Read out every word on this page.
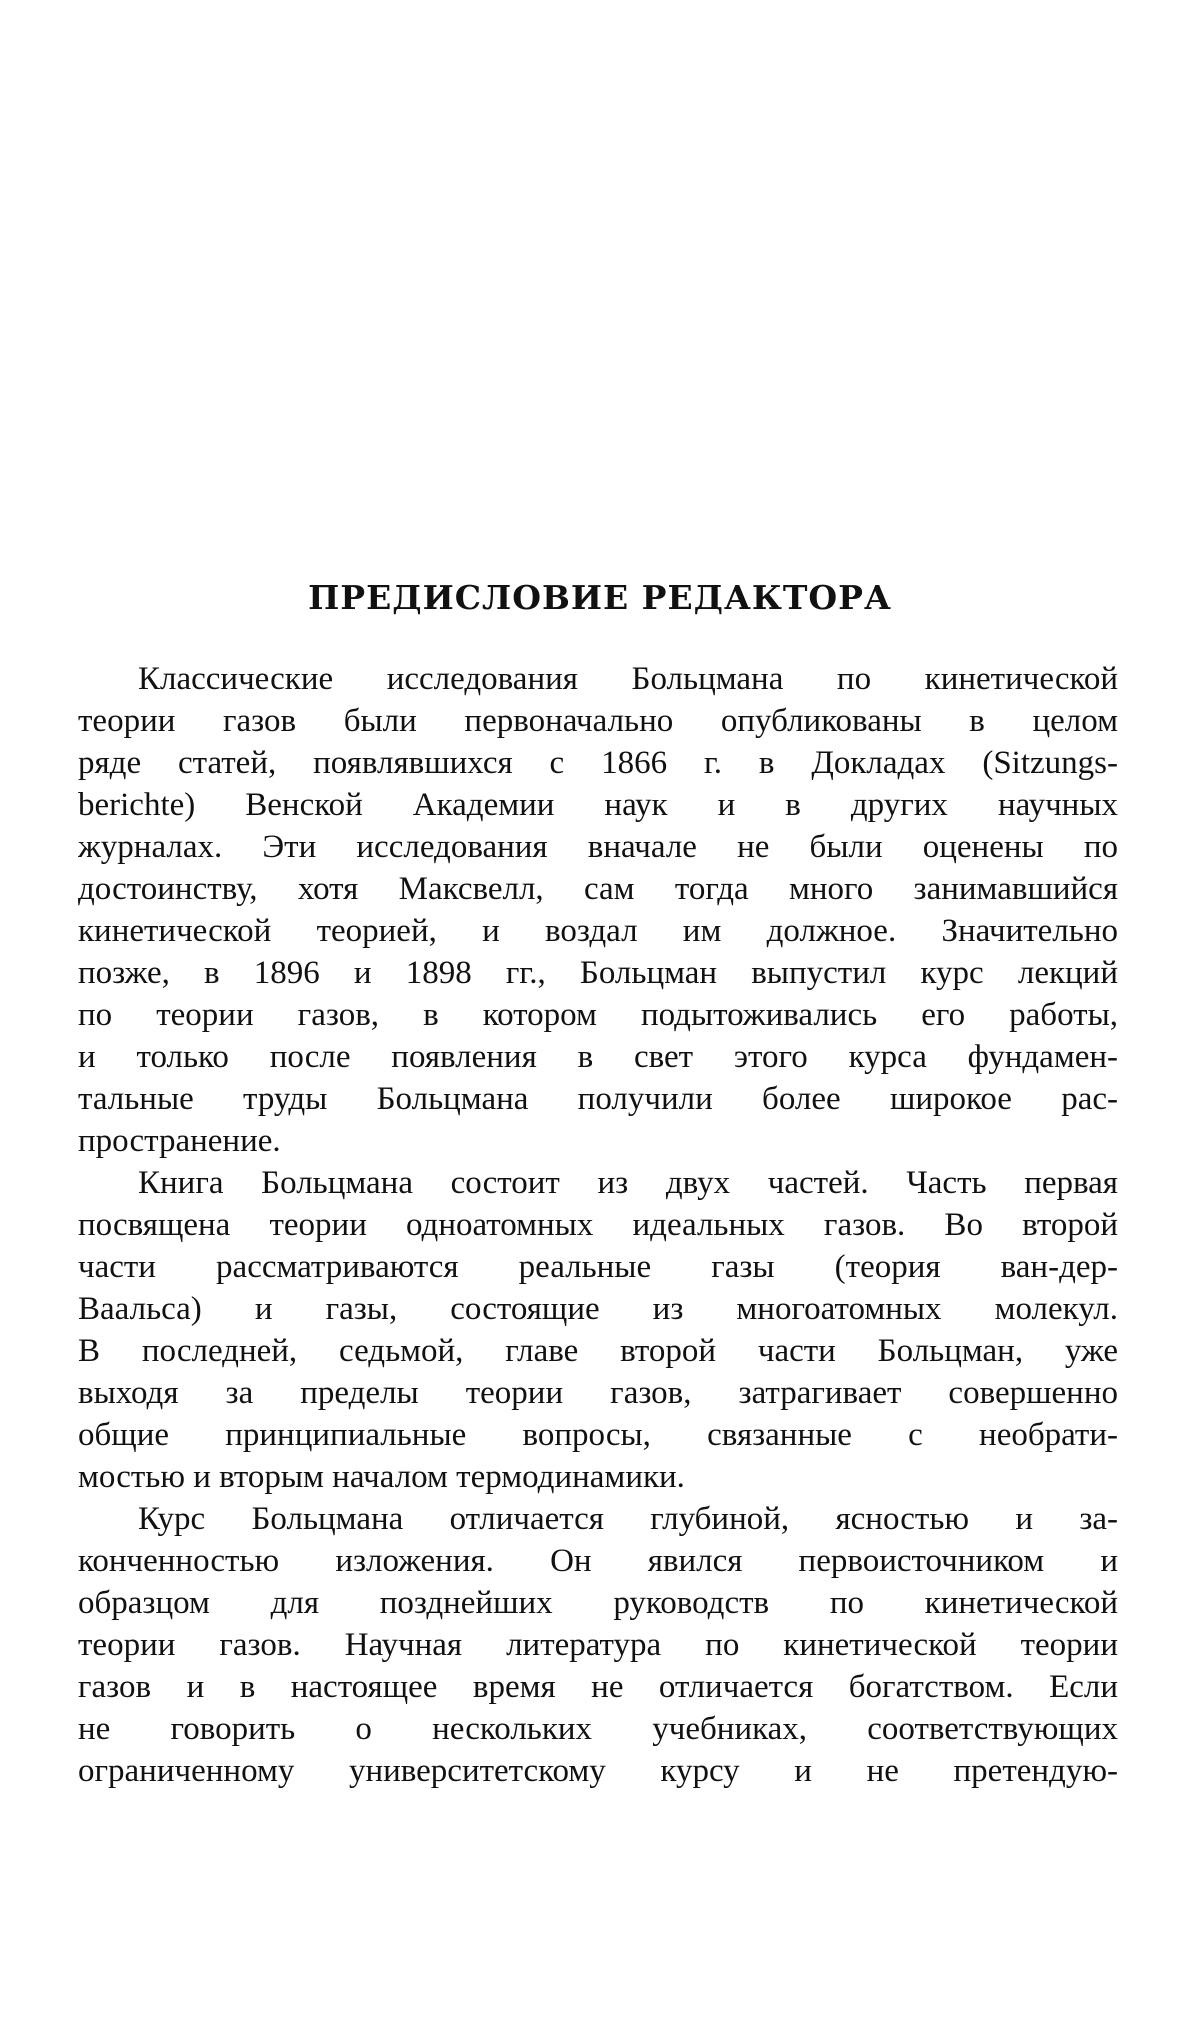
ПРЕДИСЛОВИЕ РЕДАКТОРА
Классические исследования Больцмана по кинетической
теории газов были первоначально опубликованы в целом
ряде статей, появлявшихся с 1866 г. в Докладах (Sitzungs-
berichte) Венской Академии наук и в других научных
журналах. Эти исследования вначале не были оценены по
достоинству, хотя Максвелл, сам тогда много занимавшийся
кинетической теорией, и воздал им должное. Значительно
позже, в 1896 и 1898 гг., Больцман выпустил курс лекций
по теории газов, в котором подытоживались его работы,
и только после появления в свет этого курса фундамен-
тальные труды Больцмана получили более широкое рас-
пространение.
Книга Больцмана состоит из двух частей. Часть первая
посвящена теории одноатомных идеальных газов. Во второй
части рассматриваются реальные газы (теория ван-дер-
Ваальса) и газы, состоящие из многоатомных молекул.
В последней, седьмой, главе второй части Больцман, уже
выходя за пределы теории газов, затрагивает совершенно
общие принципиальные вопросы, связанные с необрати-
мостью и вторым началом термодинамики.
Курс Больцмана отличается глубиной, ясностью и за-
конченностью изложения. Он явился первоисточником и
образцом для позднейших руководств по кинетической
теории газов. Научная литература по кинетической теории
газов и в настоящее время не отличается богатством. Если
не говорить о нескольких учебниках, соответствующих
ограниченному университетскому курсу и не претендую-
